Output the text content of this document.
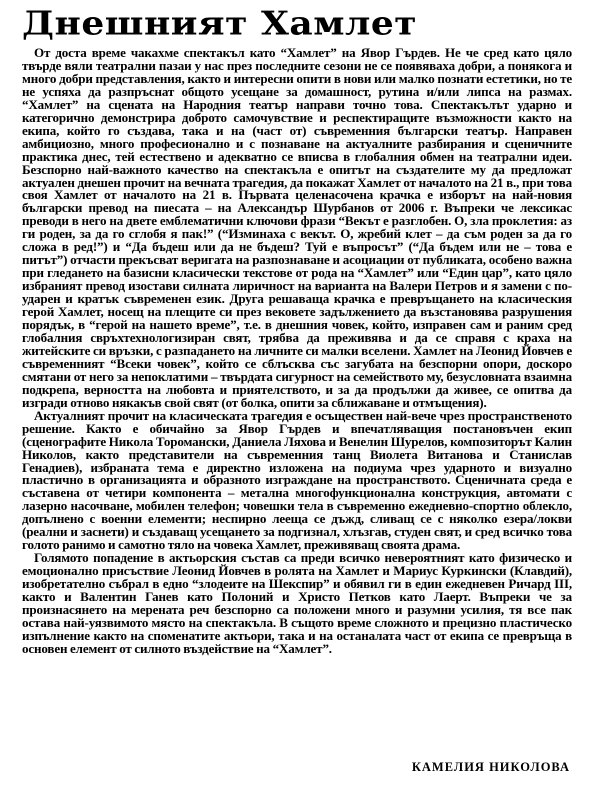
Днешният Хамлет

От доста време чакахме спектакъл като “Хамлет” на Явор Гърдев. Не че сред като цяло твърде вяли театрални пазаи у нас през последните сезони не се появяваха добри, а понякога и много добри представления, както и интересни опити в нови или малко познати естетики, но те не успяха да разпръснат общото усещане за домашност, рутина и/или липса на размах. “Хамлет” на сцената на Народния театър направи точно това. Спектакълът ударно и категорично демонстрира доброто самочувствие и респектиращите възможности както на екипа, който го създава, така и на (част от) съвременния български театър. Направен амбициозно, много професионално и с познаване на актуалните разбирания и сценичните практика днес, тей естествено и адекватно се вписва в глобалния обмен на театрални идеи. Безспорно най-важното качество на спектакъла е опитът на създателите му да предложат актуален днешен прочит на вечната трагедия, да покажат Хамлет от началото на 21 в., при това своя Хамлет от началото на 21 в. Първата целенасочена крачка е изборът на най-новия български превод на пиесата – на Александър Шурбанов от 2006 г. Въпреки че лексикас преводи в него на двете емблематични ключови фрази “Векът е разглобен. О, зла проклетия: аз ги роден, за да го сглобя я пак!” (“Изминаха с векът. О, жребий клет – да съм роден за да го сложа в ред!”) и “Да бъдеш или да не бъдеш? Туй е въпросът” (“Да бъдем или не – това е питът”) отчасти прекъсват веригата на разпознаване и асоциации от публиката, особено важна при гледането на базисни класически текстове от рода на “Хамлет” или “Един цар”, като цяло избраният превод изостави силната лиричност на варианта на Валери Петров и я замени с по-ударен и кратък съвременен език. Друга решаваща крачка е превръщането на класическия герой Хамлет, носещ на плещите си през вековете задължението да възстановява разрушения порядък, в “герой на нашето време”, т.е. в днешния човек, който, изправен сам и раним сред глобалния свръхтехнологизиран свят, трябва да преживява и да се справя с краха на житейските си връзки, с разпадането на личните си малки вселени. Хамлет на Леонид Йовчев е съвременният “Всеки човек”, който се сблъсква със загубата на безспорни опори, доскоро смятани от него за непоклатими – твърдата сигурност на семейството му, безусловната взаимна подкрепа, верността на любовта и приятелството, и за да продължи да живее, се опитва да изгради отново някакъв свой свят (от болка, опити за сближаване и отмъщения).

Актуалният прочит на класическата трагедия е осъществен най-вече чрез пространственото решение. Както е обичайно за Явор Гърдев и впечатляващия постановъчен екип (сценографите Никола Торомански, Даниела Ляхова и Венелин Шурелов, композиторът Калин Николов, както представители на съвременния танц Виолета Витанова и Станислав Генадиев), избраната тема е директно изложена на подиума чрез ударното и визуално пластично в организацията и образното изграждане на пространството. Сценичната среда е съставена от четири компонента – метална многофункционална конструкция, автомати с лазерно насочване, мобилен телефон; човешки тела в съвременно ежедневно-спортно облекло, допълнено с военни елементи; неспирно лееща се дъжд, сливащ се с няколко езера/локви (реални и заснети) и създаващ усещането за подгизнал, хлъзгав, студен свят, и сред всичко това голото ранимо и самотно тяло на човека Хамлет, преживяващ своята драма.

Голямото попадение в актьорския състав са преди всичко невероятният като физическо и емоционално присъствие Леонид Йовчев в ролята на Хамлет и Мариус Куркински (Клавдий), изобретателно събрал в едно “злодеите на Шекспир” и обявил ги в един ежедневен Ричард III, както и Валентин Ганев като Полоний и Христо Петков като Лаерт. Въпреки че за произнасянето на мерената реч безспорно са положени много и разумни усилия, тя все пак остава най-уязвимото място на спектакъла. В същото време сложното и прецизно пластическо изпълнение както на споменатите актьори, така и на останалата част от екипа се превръща в основен елемент от силното въздействие на “Хамлет”.

КАМЕЛИЯ НИКОЛОВА
